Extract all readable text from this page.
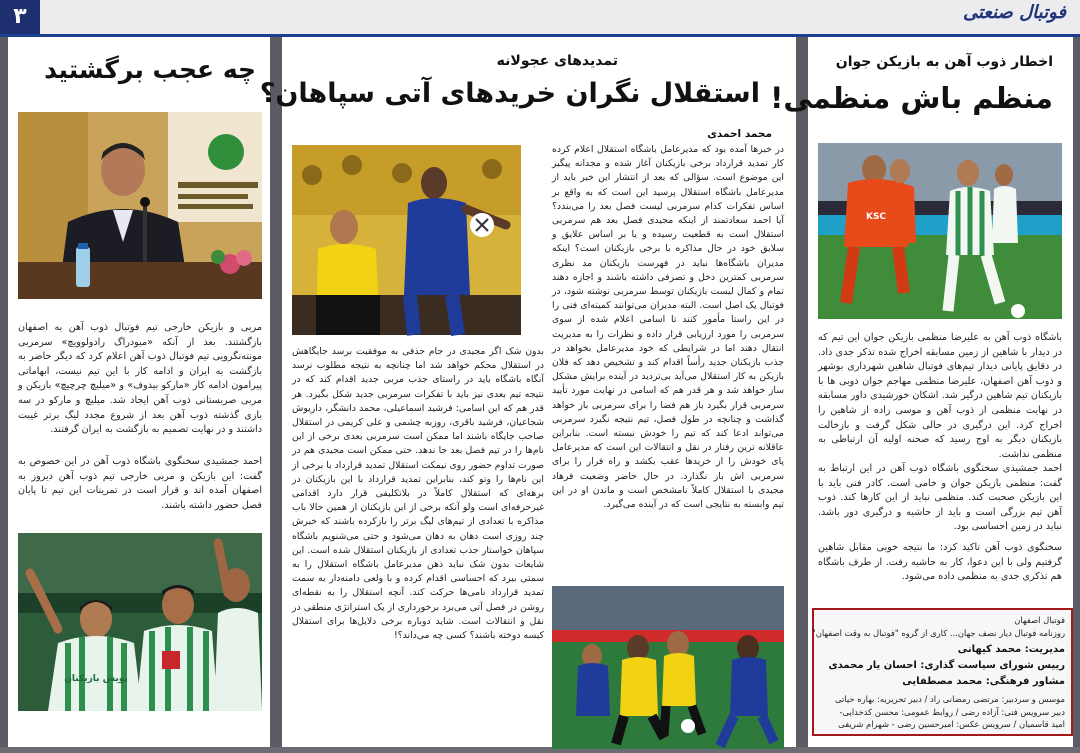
۳	فوتبال صنعتی
چه عجب برگشتید
مربی و بازیکن خارجی تیم فوتبال ذوب آهن به اصفهان بازگشتند. بعد از آنکه «میودراگ رادولوویچ» سرمربی مونته‌نگرویی تیم فوتبال ذوب آهن اعلام کرد که دیگر حاضر به بازگشت به ایران و ادامه کار با این تیم نیست، ابهاماتی پیرامون ادامه کار «مارکو بیدوف» و «میلیچ چرچیچ» بازیکن و مربی صربستانی ذوب آهن ایجاد شد. میلیچ و مارکو در سه بازی گذشته ذوب آهن بعد از شروع مجدد لیگ برتر غیبت داشتند و در نهایت تصمیم به بازگشت به ایران گرفتند.
احمد جمشیدی سخنگوی باشگاه ذوب آهن در این خصوص به گفت: این بازیکن و مربی خارجی تیم ذوب آهن دیروز به اصفهان آمده اند و قرار است در تمرینات این تیم تا پایان فصل حضور داشته باشند.
پویش بازیکنان
تمدیدهای عجولانه
استقلال نگران خریدهای آتی سپاهان؟
محمد احمدی
در خبرها آمده بود که مدیرعامل باشگاه استقلال اعلام کرده کار تمدید قرارداد برخی بازیکنان آغاز شده و مجدانه پیگیر این موضوع است. سؤالی که بعد از انتشار این خبر باید از مدیرعامل باشگاه استقلال پرسید این است که به واقع بر اساس تفکرات کدام سرمربی لیست فصل بعد را می‌بندد؟ آیا احمد سعادتمند از اینکه مجیدی فصل بعد هم سرمربی استقلال است به قطعیت رسیده و یا بر اساس علایق و سلایق خود در حال مذاکره با برخی بازیکنان است؟ اینکه مدیران باشگاه‌ها نباید در فهرست بازیکنان مد نظری سرمربی کمترین دخل و تصرفی داشته باشند و اجازه دهند تمام و کمال لیست بازیکنان توسط سرمربی نوشته شود، در فوتبال یک اصل است. البته مدیران می‌توانند کمیته‌ای فنی را در این راستا مأمور کنند تا اسامی اعلام شده از سوی سرمربی را مورد ارزیابی قرار داده و نظرات را به مدیریت انتقال دهند اما در شرایطی که خود مدیرعامل بخواهد در جذب بازیکنان جدید رأساً اقدام کند و تشخیص دهد که فلان بازیکن به کار استقلال می‌آید بی‌تردید در آینده برایش مشکل ساز خواهد شد و هر قدر هم که اسامی در نهایت مورد تأیید سرمربی قرار بگیرد باز هم فضا را برای سرمربی باز خواهد گذاشت و چنانچه در طول فصل، تیم نتیجه نگیرد سرمربی می‌تواند ادعا کند که تیم را خودش نبسته است. بنابراین عاقلانه ترین رفتار در نقل و انتقالات این است که مدیرعامل پای خودش را از خریدها عقب بکشد و راه فرار را برای سرمربی اش باز نگذارد. در حال حاضر وضعیت فرهاد مجیدی با استقلال کاملاً نامشخص است و ماندن او در این تیم وابسته به نتایجی است که در آینده می‌گیرد.
بدون شک اگر مجیدی در جام حذفی به موفقیت برسد جایگاهش در استقلال محکم خواهد شد اما چنانچه به نتیجه مطلوب نرسد آنگاه باشگاه باید در راستای جذب مربی جدید اقدام کند که در نتیجه تیم بعدی نیز باید با تفکرات سرمربی جدید شکل بگیرد. هر قدر هم که این اسامی: فرشید اسماعیلی، محمد دانشگر، داریوش شجاعیان، فرشید باقری، روزبه چشمی و علی کریمی در استقلال صاحب جایگاه باشند اما ممکن است سرمربی بعدی برخی از این نام‌ها را در تیم فصل بعد جا ندهد. حتی ممکن است مجیدی هم در صورت تداوم حضور روی نیمکت استقلال تمدید قرارداد با برخی از این نام‌ها را وتو کند، بنابراین تمدید قرارداد با این بازیکنان در برهه‌ای که استقلال کاملاً در بلاتکلیفی قرار دارد اقدامی غیرحرفه‌ای است ولو آنکه برخی از این بازیکنان از همین حالا باب مذاکره با تعدادی از تیم‌های لیگ برتر را بازکرده باشند که خبرش چند روزی است دهان به دهان می‌شود و حتی می‌شنویم باشگاه سپاهان خواستار جذب تعدادی از بازیکنان استقلال شده است. این شایعات بدون شک نباید ذهن مدیرعامل باشگاه استقلال را به سمتی ببرد که احساسی اقدام کرده و با ولعی دامنه‌دار به سمت تمدید قرارداد نامی‌ها حرکت کند. آنچه استقلال را به نقطه‌ای روشن در فصل آتی می‌برد برخورداری از یک استراتژی منطقی در نقل و انتقالات است. شاید دوباره برخی دلایل‌ها برای استقلال کیسه دوخته باشند؟ کسی چه می‌داند؟!
اخطار ذوب آهن به بازیکن جوان
منظم باش منظمی!
KSC
باشگاه ذوب آهن به علیرضا منظمی بازیکن جوان این تیم که در دیدار با شاهین از زمین مسابقه اخراج شده تذکر جدی داد. در دقایق پایانی دیدار تیم‌های فوتبال شاهین شهرداری بوشهر و ذوب آهن اصفهان، علیرضا منظمی مهاجم جوان ذوبی ها با بازیکنان تیم شاهین درگیر شد. اشکان خورشیدی داور مسابقه در نهایت منظمی از ذوب آهن و موسی زاده از شاهین را اخراج کرد. این درگیری در حالی شکل گرفت و بازخالت بازیکنان دیگر به اوج رسید که صحنه اولیه آن ارتباطی به منظمی نداشت.
احمد جمشیدی سخنگوی باشگاه ذوب آهن در این ارتباط به گفت: منظمی بازیکن جوان و خامی است. کادر فنی باید با این بازیکن صحبت کند. منظمی نباید از این کارها کند. ذوب آهن تیم بزرگی است و باید از حاشیه و درگیری دور باشد. نباید در زمین احساسی بود.
سخنگوی ذوب آهن تاکید کرد: ما نتیجه خوبی مقابل شاهین گرفتیم ولی با این دعوا، کار به حاشیه رفت. از طرف باشگاه هم تذکری جدی به منظمی داده می‌شود.
فوتبال اصفهان
روزنامه فوتبال دیار نصف جهان... کاری از گروه "فوتبال به وقت اصفهان"
مدیریت: محمد کیهانی
رییس شورای سیاست گذاری: احسان یار محمدی
مشاور فرهنگی: محمد مصطفایی
موسس و سردبیر: مرتضی رمضانی راد / دبیر تحریریه: بهاره حیاتی
دبیر سرویس فنی: آزاده رضی / روابط عمومی: محسن کدخدایی-
امید قاسمیان / سرویس عکس: امیرحسین رضی - شهرام شریفی
